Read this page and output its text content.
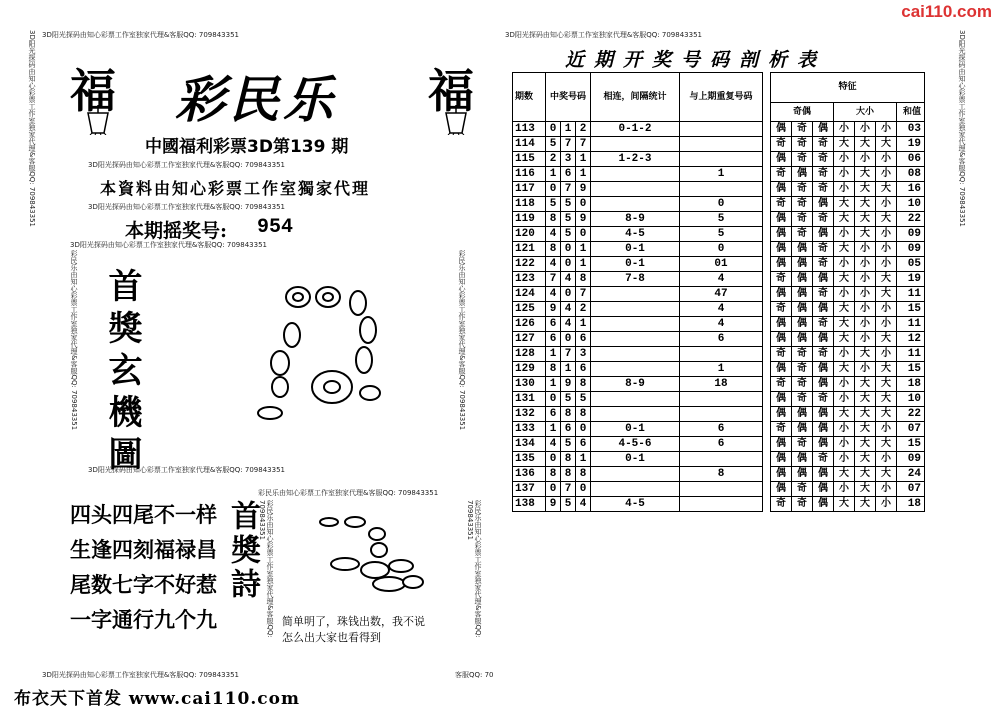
cai110.com
3D阳光探码由知心彩票工作室独家代理&客服QQ: 709843351	3D阳光探码由知心彩票工作室独家代理&客服QQ: 709843351
3D阳光探码由知心彩票工作室独家代理&客服QQ: 709843351	3D阳光探码由知心彩票工作室独家代理&客服QQ: 709843351
福	福
彩民乐
中國福利彩票3D第139 期
3D阳光探码由知心彩票工作室独家代理&客服QQ: 709843351
本資料由知心彩票工作室獨家代理
3D阳光探码由知心彩票工作室独家代理&客服QQ: 709843351
本期摇奖号: 954
3D阳光探码由知心彩票工作室独家代理&客服QQ: 709843351
彩民乐由知心彩票工作室独家代理&客服QQ: 709843351	彩民乐由知心彩票工作室独家代理&客服QQ: 709843351
3D阳光探码由知心彩票工作室独家代理&客服QQ: 709843351
首獎玄機圖
四头四尾不一样
生逢四刻福禄昌
尾数七字不好惹
一字通行九个九
彩民乐由知心彩票工作室独家代理&客服QQ: 709843351
彩民乐由知心彩票工作室独家代理&客服QQ: 709843351	彩民乐由知心彩票工作室独家代理&客服QQ: 709843351
首奬詩
简单明了，珠钱出数，我不说
怎么出大家也看得到
3D阳光探码由知心彩票工作室独家代理&客服QQ: 709843351	客服QQ: 70
布衣天下首发 www.cai110.com
近期开奖号码剖析表
期数	中奖号码			相连，间隔统计	与上期重复号码		特征						
							奇偶			大小			和值
113	0	1	2	0-1-2			偶	奇	偶	小	小	小	03
114	5	7	7				奇	奇	奇	大	大	大	19
115	2	3	1	1-2-3			偶	奇	奇	小	小	小	06
116	1	6	1		1		奇	偶	奇	小	大	小	08
117	0	7	9				偶	奇	奇	小	大	大	16
118	5	5	0		0		奇	奇	偶	大	大	小	10
119	8	5	9	8-9	5		偶	奇	奇	大	大	大	22
120	4	5	0	4-5	5		偶	奇	偶	小	大	小	09
121	8	0	1	0-1	0		偶	偶	奇	大	小	小	09
122	4	0	1	0-1	01		偶	偶	奇	小	小	小	05
123	7	4	8	7-8	4		奇	偶	偶	大	小	大	19
124	4	0	7		47		偶	偶	奇	小	小	大	11
125	9	4	2		4		奇	偶	偶	大	小	小	15
126	6	4	1		4		偶	偶	奇	大	小	小	11
127	6	0	6		6		偶	偶	偶	大	小	大	12
128	1	7	3				奇	奇	奇	小	大	小	11
129	8	1	6		1		偶	奇	偶	大	小	大	15
130	1	9	8	8-9	18		奇	奇	偶	小	大	大	18
131	0	5	5				偶	奇	奇	小	大	大	10
132	6	8	8				偶	偶	偶	大	大	大	22
133	1	6	0	0-1	6		奇	偶	偶	小	大	小	07
134	4	5	6	4-5-6	6		偶	奇	偶	小	大	大	15
135	0	8	1	0-1			偶	偶	奇	小	大	小	09
136	8	8	8		8		偶	偶	偶	大	大	大	24
137	0	7	0				偶	奇	偶	小	大	小	07
138	9	5	4	4-5			奇	奇	偶	大	大	小	18
